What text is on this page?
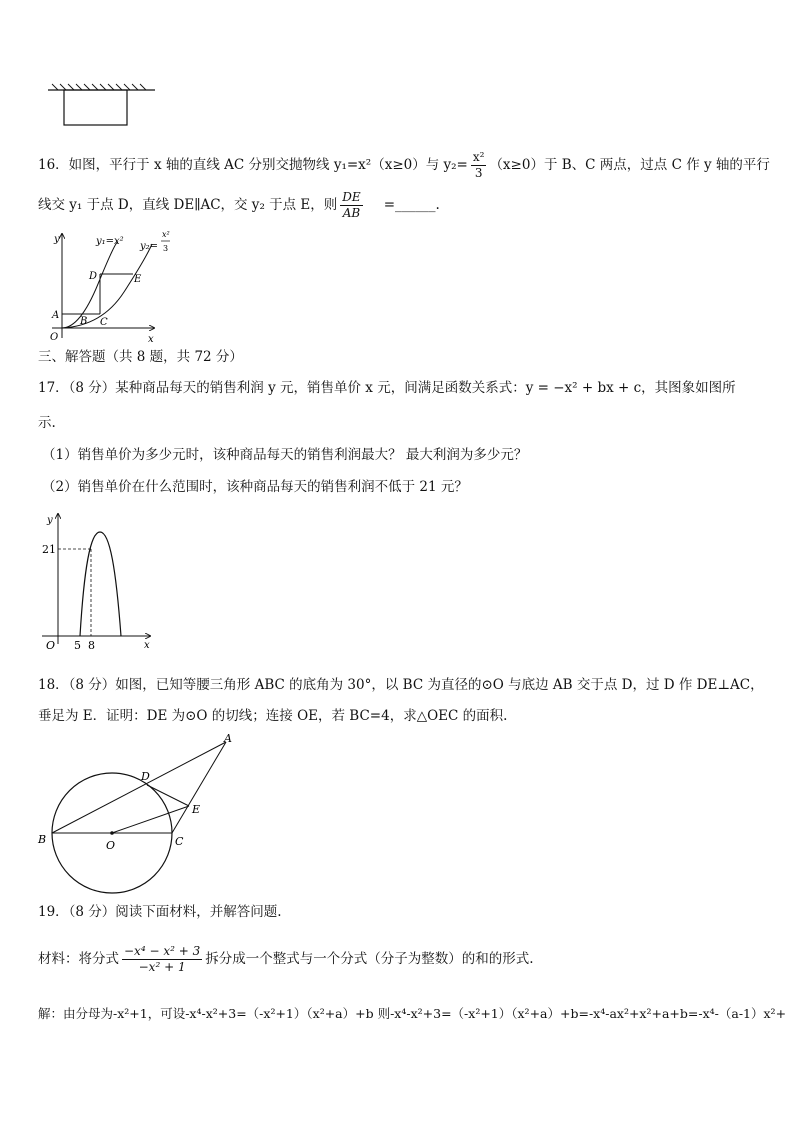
16．如图，平行于 x 轴的直线 AC 分别交抛物线 y₁=x²（x≥0）与 $y_2= \frac{\text{x²}}{3} (x\ge 0)$于 B、C 两点，过点 C 作 y 轴的平行
线交 y₁ 于点 D，直线 DE∥AC，交 y₂ 于点 E，则 $\frac{DE}{AB}$ =______.
y
x
y₁=x² y₂=
x²
3
A
B C
D	E
O
三、解答题（共 8 题，共 72 分）
17．（8 分）某种商品每天的销售利润 y 元，销售单价 x 元，间满足函数关系式：y = −x² + bx + c，其图象如图所
示.
（1）销售单价为多少元时，该种商品每天的销售利润最大？ 最大利润为多少元？
（2）销售单价在什么范围时，该种商品每天的销售利润不低于 21 元？
y
x
21
5 8
O
18．（8 分）如图，已知等腰三角形 ABC 的底角为 30°，以 BC 为直径的⊙O 与底边 AB 交于点 D，过 D 作 DE⊥AC，
垂足为 E．证明：DE 为⊙O 的切线；连接 OE，若 BC=4，求△OEC 的面积.
A
B	C
D
E
O
19．（8 分）阅读下面材料，并解答问题.
材料：将分式 $\frac{\text{−x⁴ − x² + 3}}{\text{−x² + 1}}$ 拆分成一个整式与一个分式（分子为整数）的和的形式.
解：由分母为-x²+1，可设-x⁴-x²+3=（-x²+1）（x²+a）+b 则-x⁴-x²+3=（-x²+1）（x²+a）+b=-x⁴-ax²+x²+a+b=-x⁴-（a-1）x²+
